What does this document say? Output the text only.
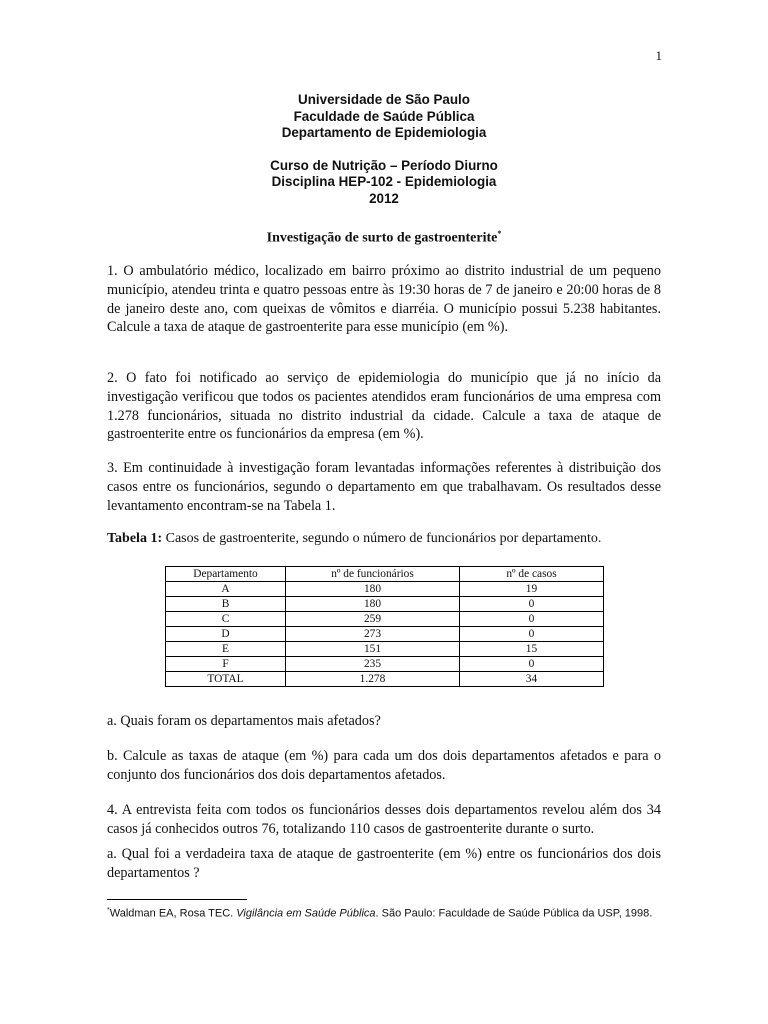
1
Universidade de São Paulo
Faculdade de Saúde Pública
Departamento de Epidemiologia
Curso de Nutrição – Período Diurno
Disciplina HEP-102 - Epidemiologia
2012
Investigação de surto de gastroenterite*
1. O ambulatório médico, localizado em bairro próximo ao distrito industrial de um pequeno município, atendeu trinta e quatro pessoas entre às 19:30 horas de 7 de janeiro e 20:00 horas de 8 de janeiro deste ano, com queixas de vômitos e diarréia. O município possui 5.238 habitantes. Calcule a taxa de ataque de gastroenterite para esse município (em %).
2. O fato foi notificado ao serviço de epidemiologia do município que já no início da investigação verificou que todos os pacientes atendidos eram funcionários de uma empresa com 1.278 funcionários, situada no distrito industrial da cidade. Calcule a taxa de ataque de gastroenterite entre os funcionários da empresa (em %).
3. Em continuidade à investigação foram levantadas informações referentes à distribuição dos casos entre os funcionários, segundo o departamento em que trabalhavam. Os resultados desse levantamento encontram-se na Tabela 1.
Tabela 1: Casos de gastroenterite, segundo o número de funcionários por departamento.
Departamento	nº de funcionários	nº de casos
A	180	19
B	180	0
C	259	0
D	273	0
E	151	15
F	235	0
TOTAL	1.278	34
a. Quais foram os departamentos mais afetados?
b. Calcule as taxas de ataque (em %) para cada um dos dois departamentos afetados e para o conjunto dos funcionários dos dois departamentos afetados.
4. A entrevista feita com todos os funcionários desses dois departamentos revelou além dos 34 casos já conhecidos outros 76, totalizando 110 casos de gastroenterite durante o surto.
a. Qual foi a verdadeira taxa de ataque de gastroenterite (em %) entre os funcionários dos dois departamentos ?
*Waldman EA, Rosa TEC. Vigilância em Saúde Pública. São Paulo: Faculdade de Saúde Pública da USP, 1998.
